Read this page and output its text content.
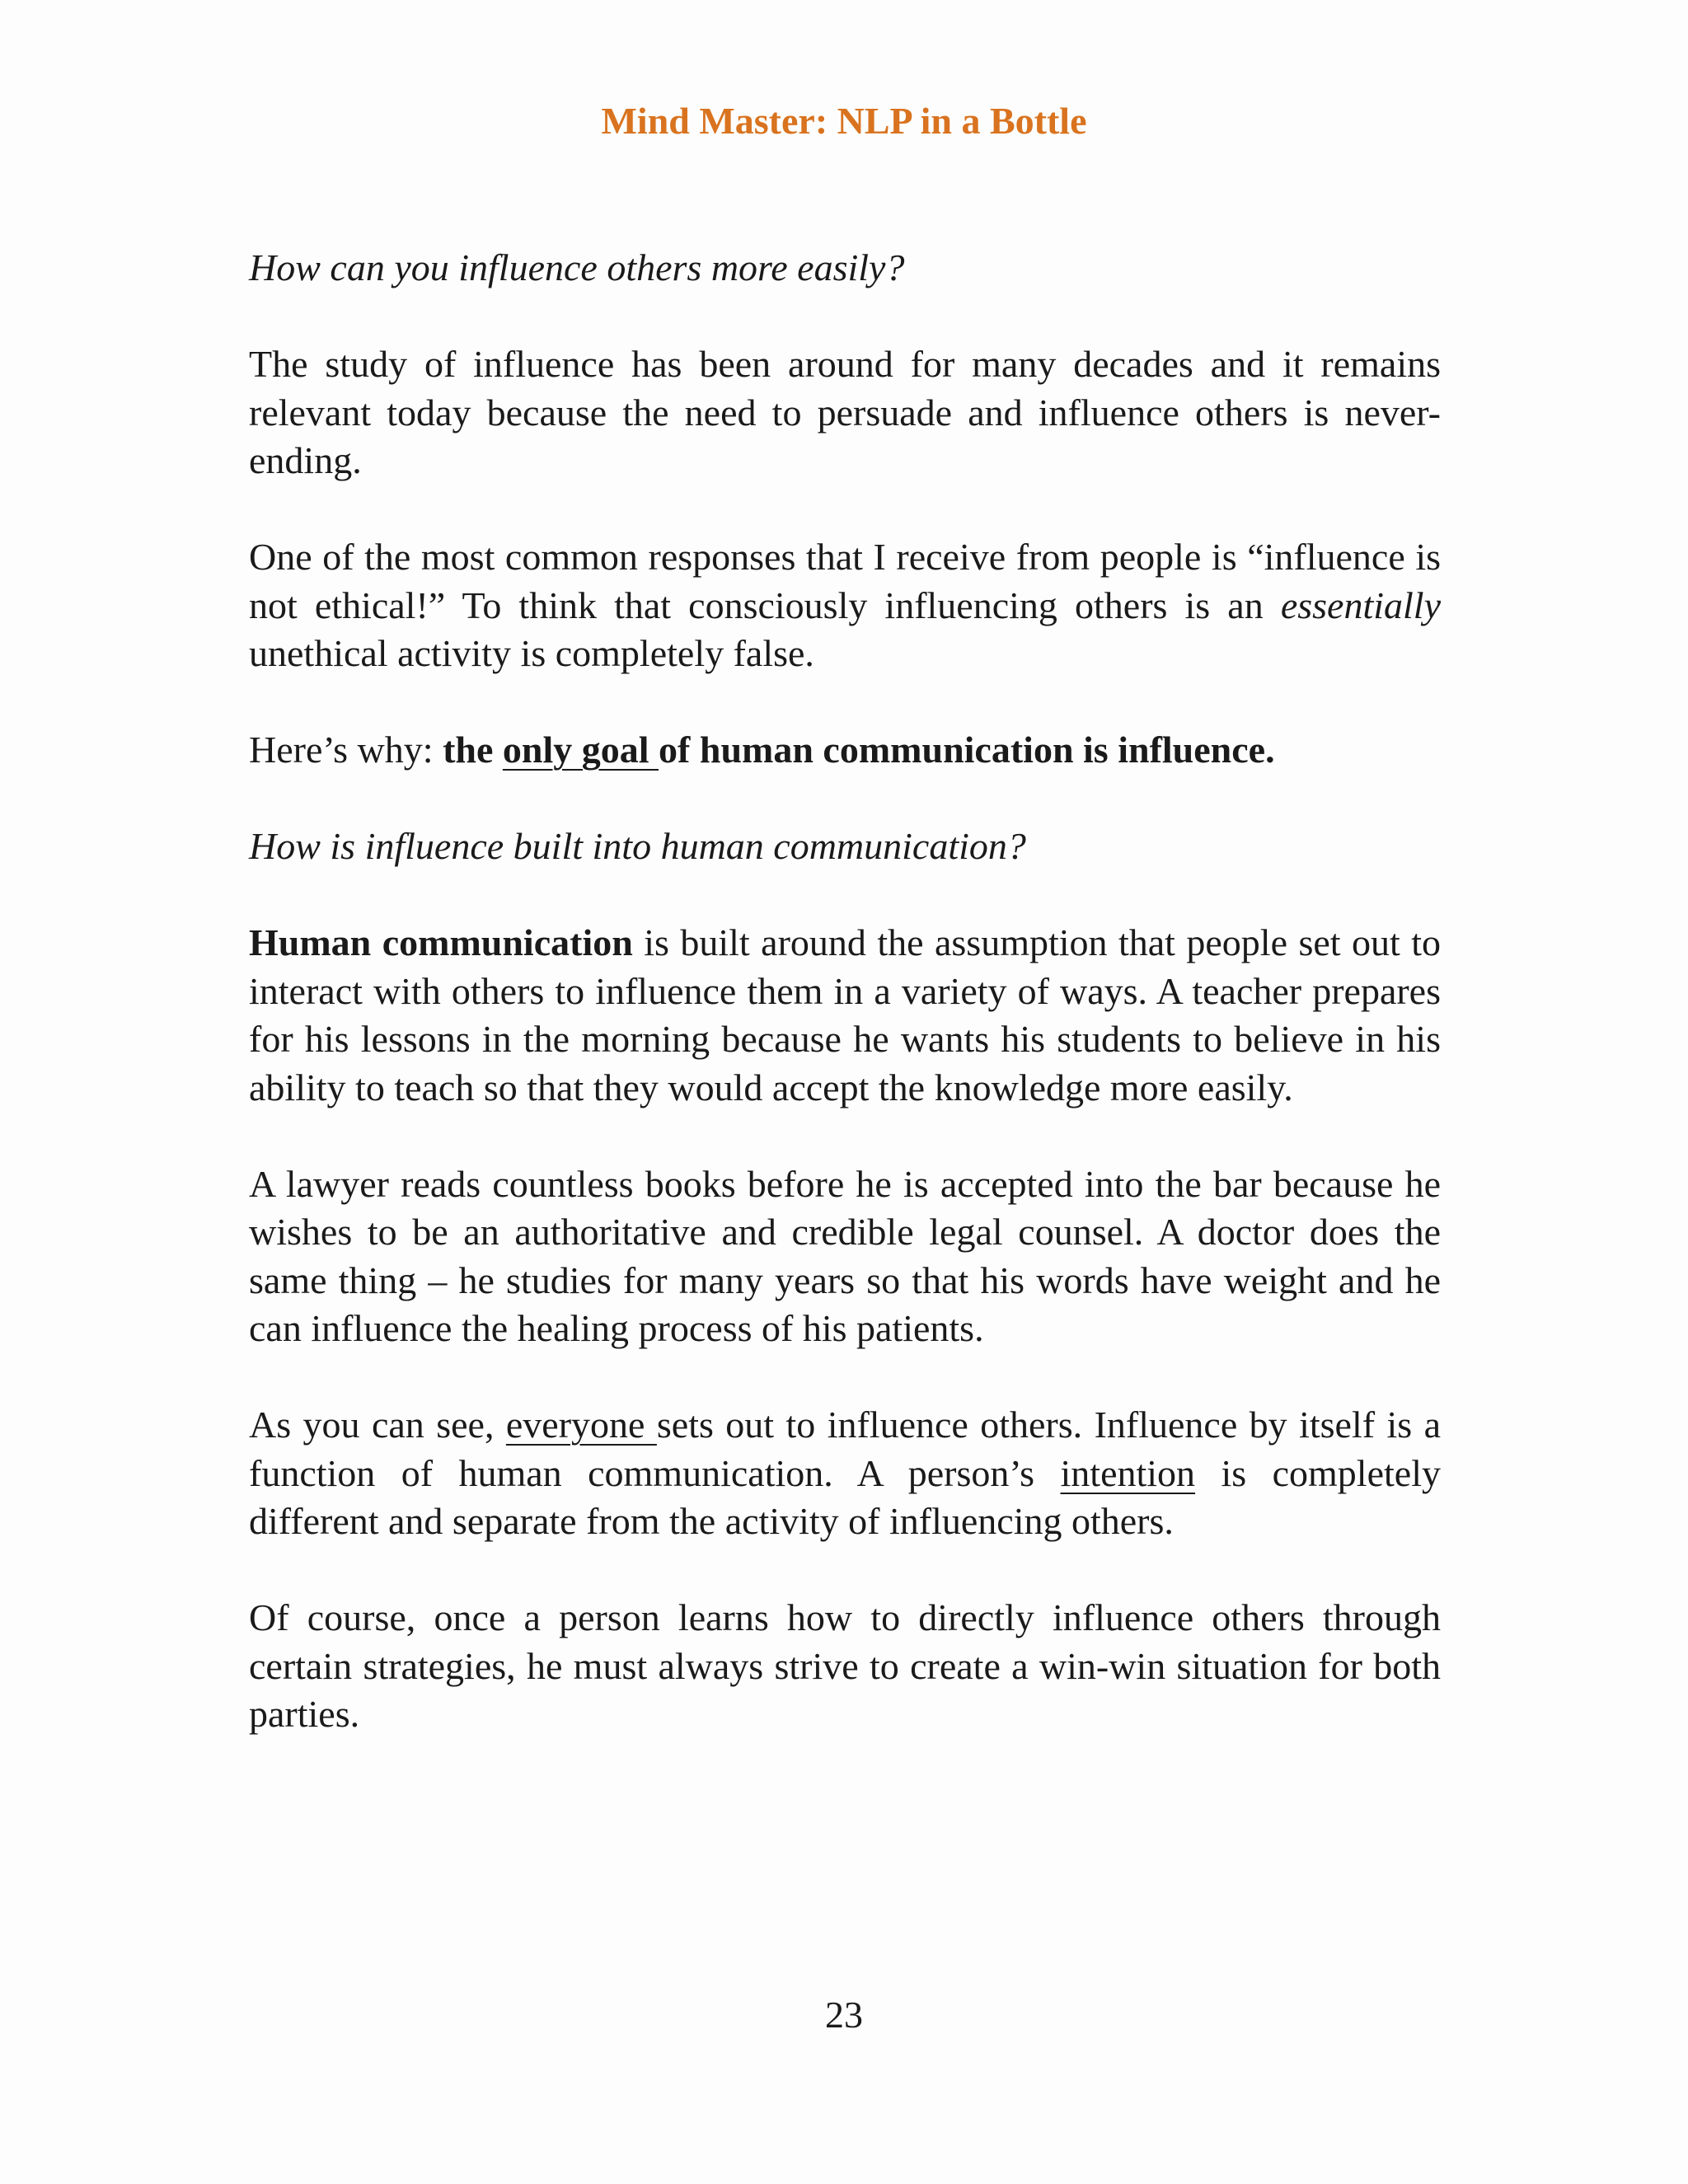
Mind Master: NLP in a Bottle

How can you influence others more easily?

The study of influence has been around for many decades and it remains relevant today because the need to persuade and influence others is never-ending.

One of the most common responses that I receive from people is “influence is not ethical!” To think that consciously influencing others is an essentially unethical activity is completely false.

Here’s why: the only goal of human communication is influence.

How is influence built into human communication?

Human communication is built around the assumption that people set out to interact with others to influence them in a variety of ways. A teacher prepares for his lessons in the morning because he wants his students to believe in his ability to teach so that they would accept the knowledge more easily.

A lawyer reads countless books before he is accepted into the bar because he wishes to be an authoritative and credible legal counsel. A doctor does the same thing – he studies for many years so that his words have weight and he can influence the healing process of his patients.

As you can see, everyone sets out to influence others. Influence by itself is a function of human communication. A person’s intention is completely different and separate from the activity of influencing others.

Of course, once a person learns how to directly influence others through certain strategies, he must always strive to create a win-win situation for both parties.

23
